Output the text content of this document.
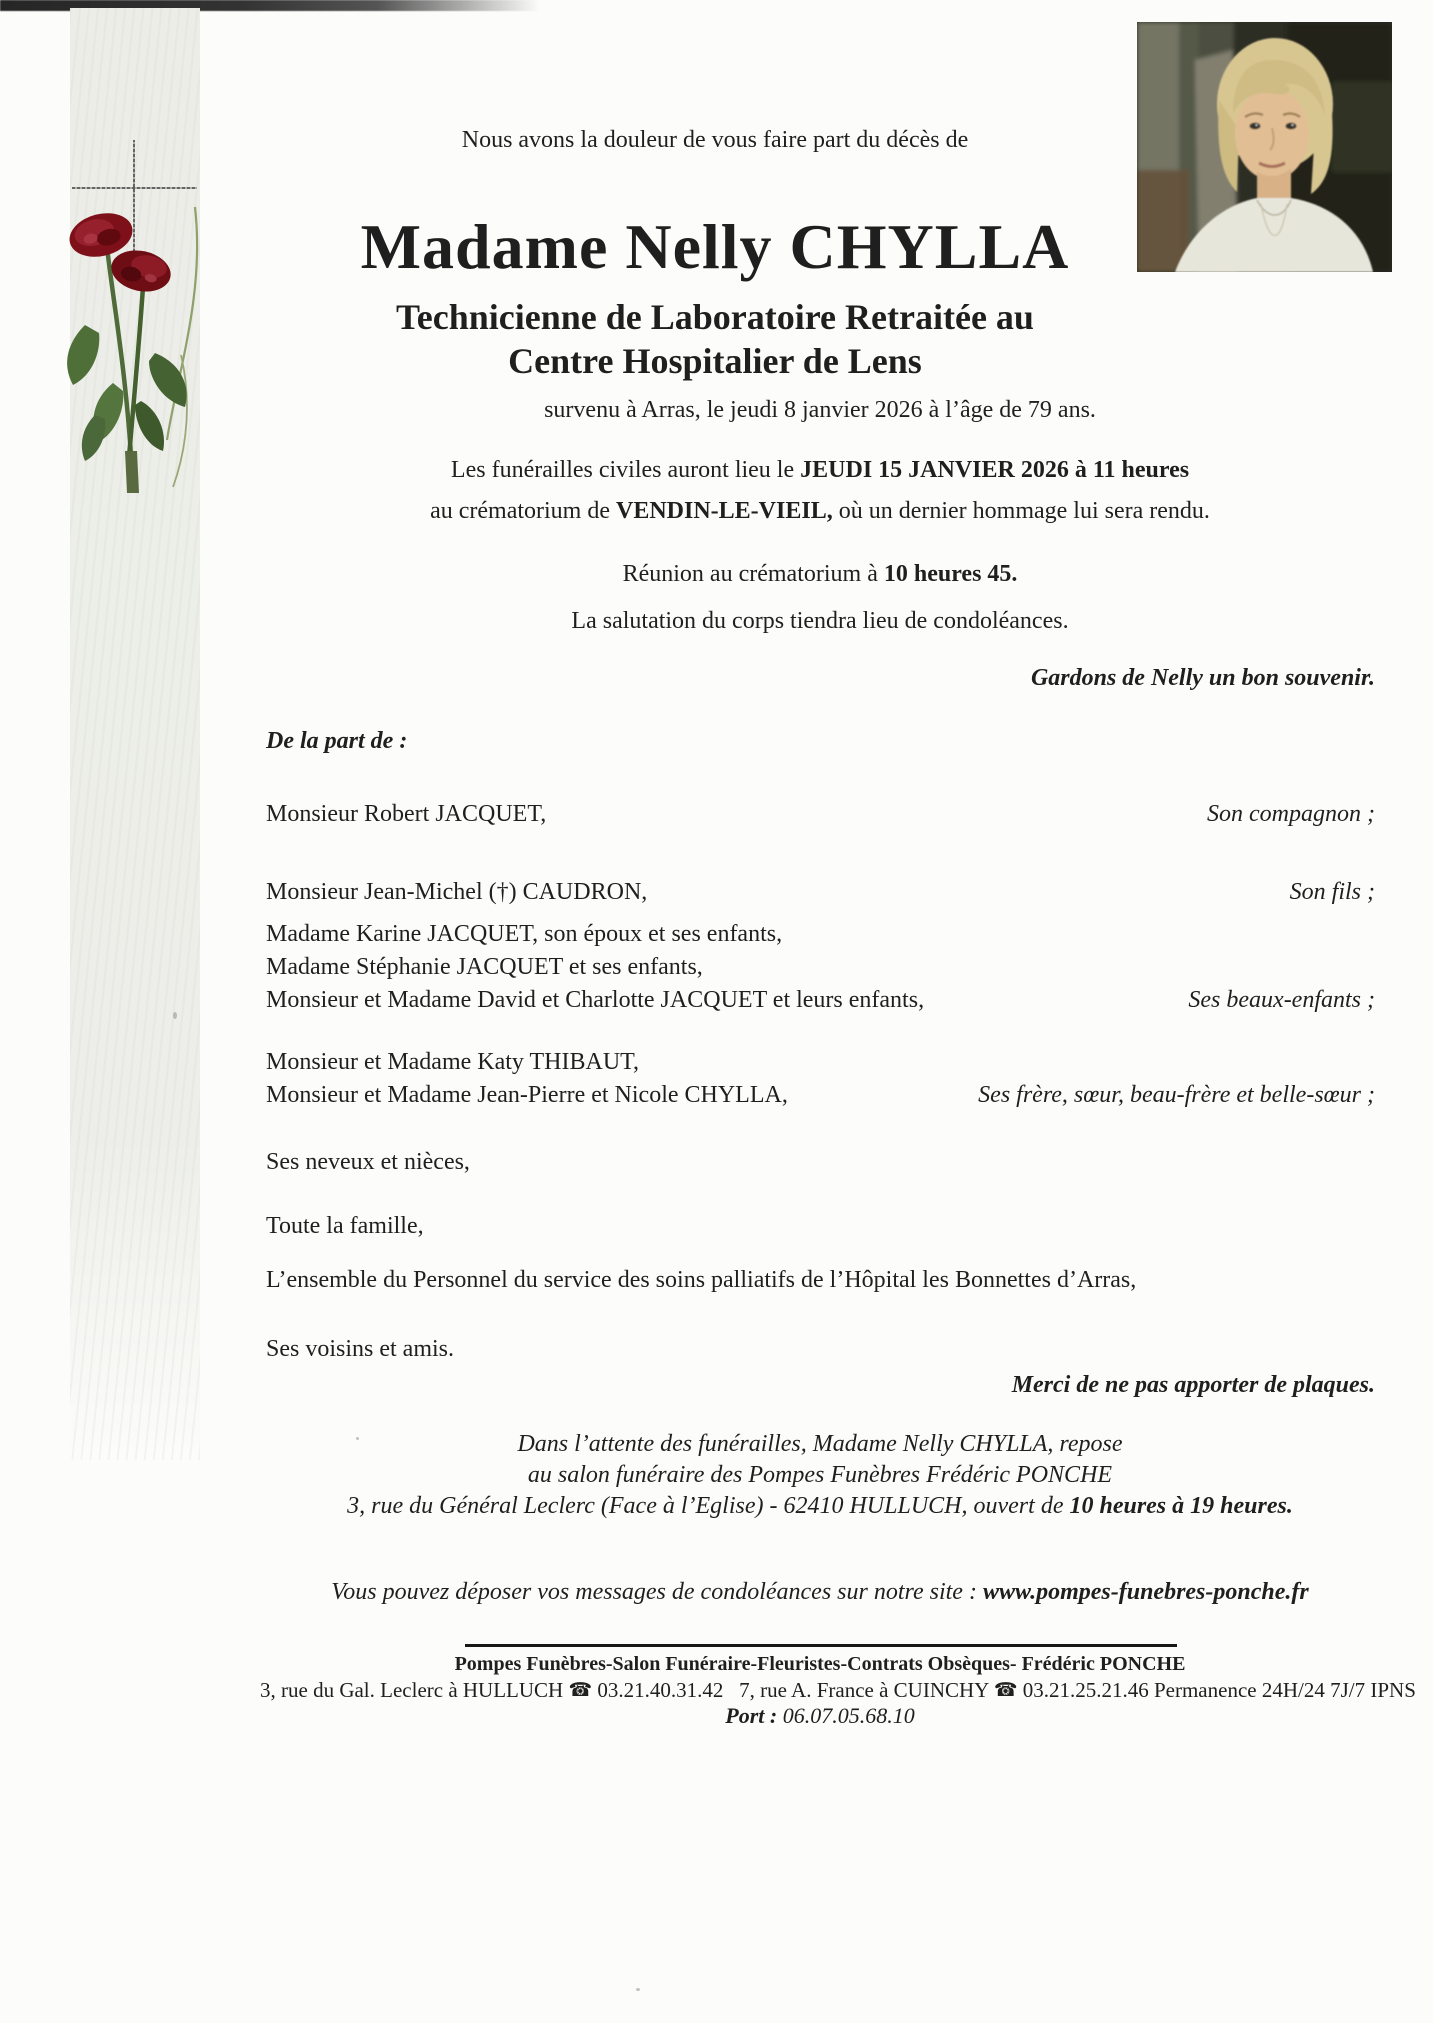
Nous avons la douleur de vous faire part du décès de
Madame Nelly CHYLLA
Technicienne de Laboratoire Retraitée au
Centre Hospitalier de Lens
survenu à Arras, le jeudi 8 janvier 2026 à l’âge de 79 ans.
Les funérailles civiles auront lieu le JEUDI 15 JANVIER 2026 à 11 heures
au crématorium de VENDIN-LE-VIEIL, où un dernier hommage lui sera rendu.
Réunion au crématorium à 10 heures 45.
La salutation du corps tiendra lieu de condoléances.
Gardons de Nelly un bon souvenir.
De la part de :
Monsieur Robert JACQUET,	Son compagnon ;
Monsieur Jean-Michel (†) CAUDRON,	Son fils ;
Madame Karine JACQUET, son époux et ses enfants,
Madame Stéphanie JACQUET et ses enfants,
Monsieur et Madame David et Charlotte JACQUET et leurs enfants,	Ses beaux-enfants ;
Monsieur et Madame Katy THIBAUT,
Monsieur et Madame Jean-Pierre et Nicole CHYLLA,	Ses frère, sœur, beau-frère et belle-sœur ;
Ses neveux et nièces,
Toute la famille,
L’ensemble du Personnel du service des soins palliatifs de l’Hôpital les Bonnettes d’Arras,
Ses voisins et amis.
Merci de ne pas apporter de plaques.
Dans l’attente des funérailles, Madame Nelly CHYLLA, repose
au salon funéraire des Pompes Funèbres Frédéric PONCHE
3, rue du Général Leclerc (Face à l’Eglise) - 62410 HULLUCH, ouvert de 10 heures à 19 heures.
Vous pouvez déposer vos messages de condoléances sur notre site : www.pompes-funebres-ponche.fr
Pompes Funèbres-Salon Funéraire-Fleuristes-Contrats Obsèques- Frédéric PONCHE
3, rue du Gal. Leclerc à HULLUCH ☎ 03.21.40.31.42   7, rue A. France à CUINCHY ☎ 03.21.25.21.46 Permanence 24H/24 7J/7 IPNS
Port : 06.07.05.68.10
